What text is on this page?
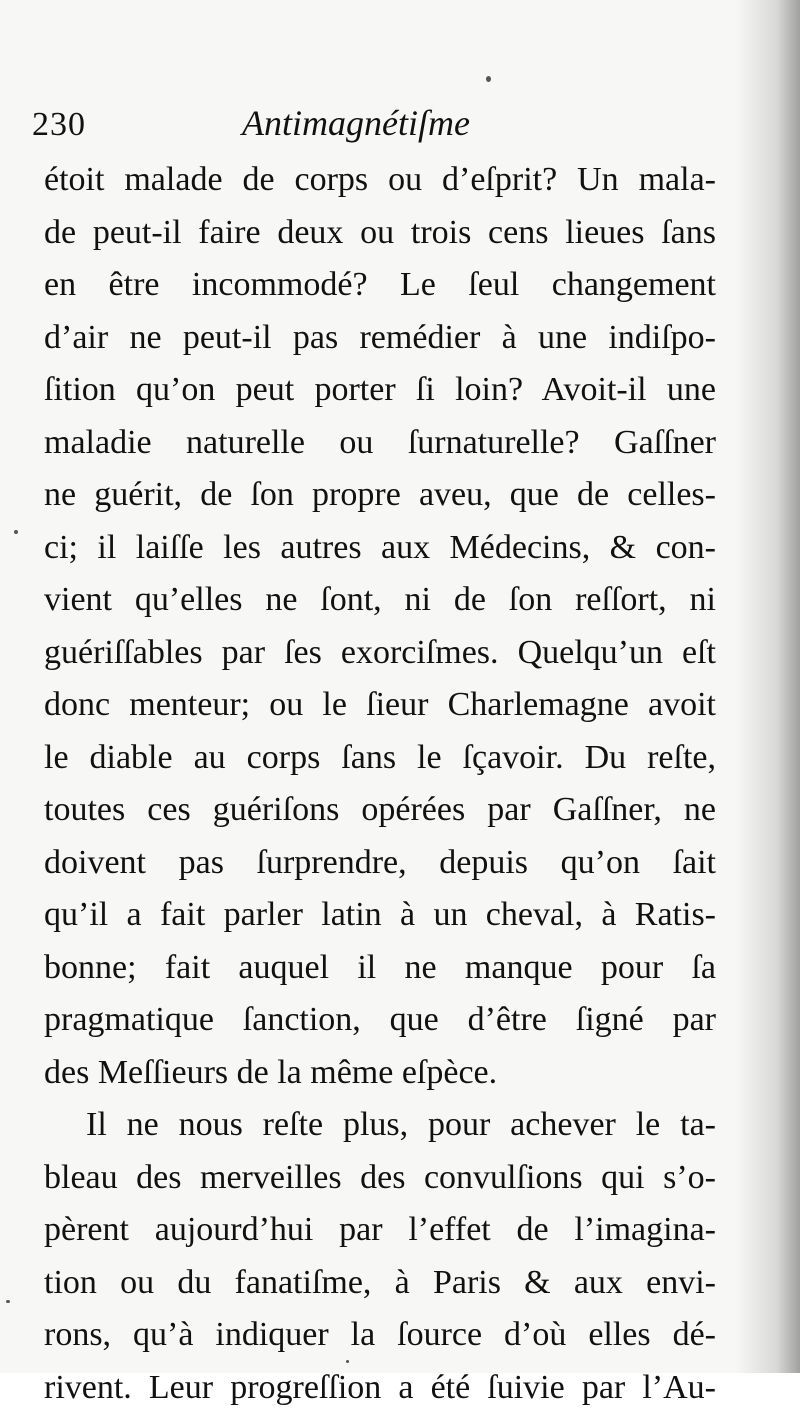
230	Antimagnétiſme
étoit malade de corps ou d’eſprit? Un mala-
de peut-il faire deux ou trois cens lieues ſans
en être incommodé? Le ſeul changement
d’air ne peut-il pas remédier à une indiſpo-
ſition qu’on peut porter ſi loin? Avoit-il une
maladie naturelle ou ſurnaturelle? Gaſſner
ne guérit, de ſon propre aveu, que de celles-
ci; il laiſſe les autres aux Médecins, & con-
vient qu’elles ne ſont, ni de ſon reſſort, ni
guériſſables par ſes exorciſmes. Quelqu’un eſt
donc menteur; ou le ſieur Charlemagne avoit
le diable au corps ſans le ſçavoir. Du reſte,
toutes ces guériſons opérées par Gaſſner, ne
doivent pas ſurprendre, depuis qu’on ſait
qu’il a fait parler latin à un cheval, à Ratis-
bonne; fait auquel il ne manque pour ſa
pragmatique ſanction, que d’être ſigné par
des Meſſieurs de la même eſpèce.
Il ne nous reſte plus, pour achever le ta-
bleau des merveilles des convulſions qui s’o-
pèrent aujourd’hui par l’effet de l’imagina-
tion ou du fanatiſme, à Paris & aux envi-
rons, qu’à indiquer la ſource d’où elles dé-
rivent. Leur progreſſion a été ſuivie par l’Au-
